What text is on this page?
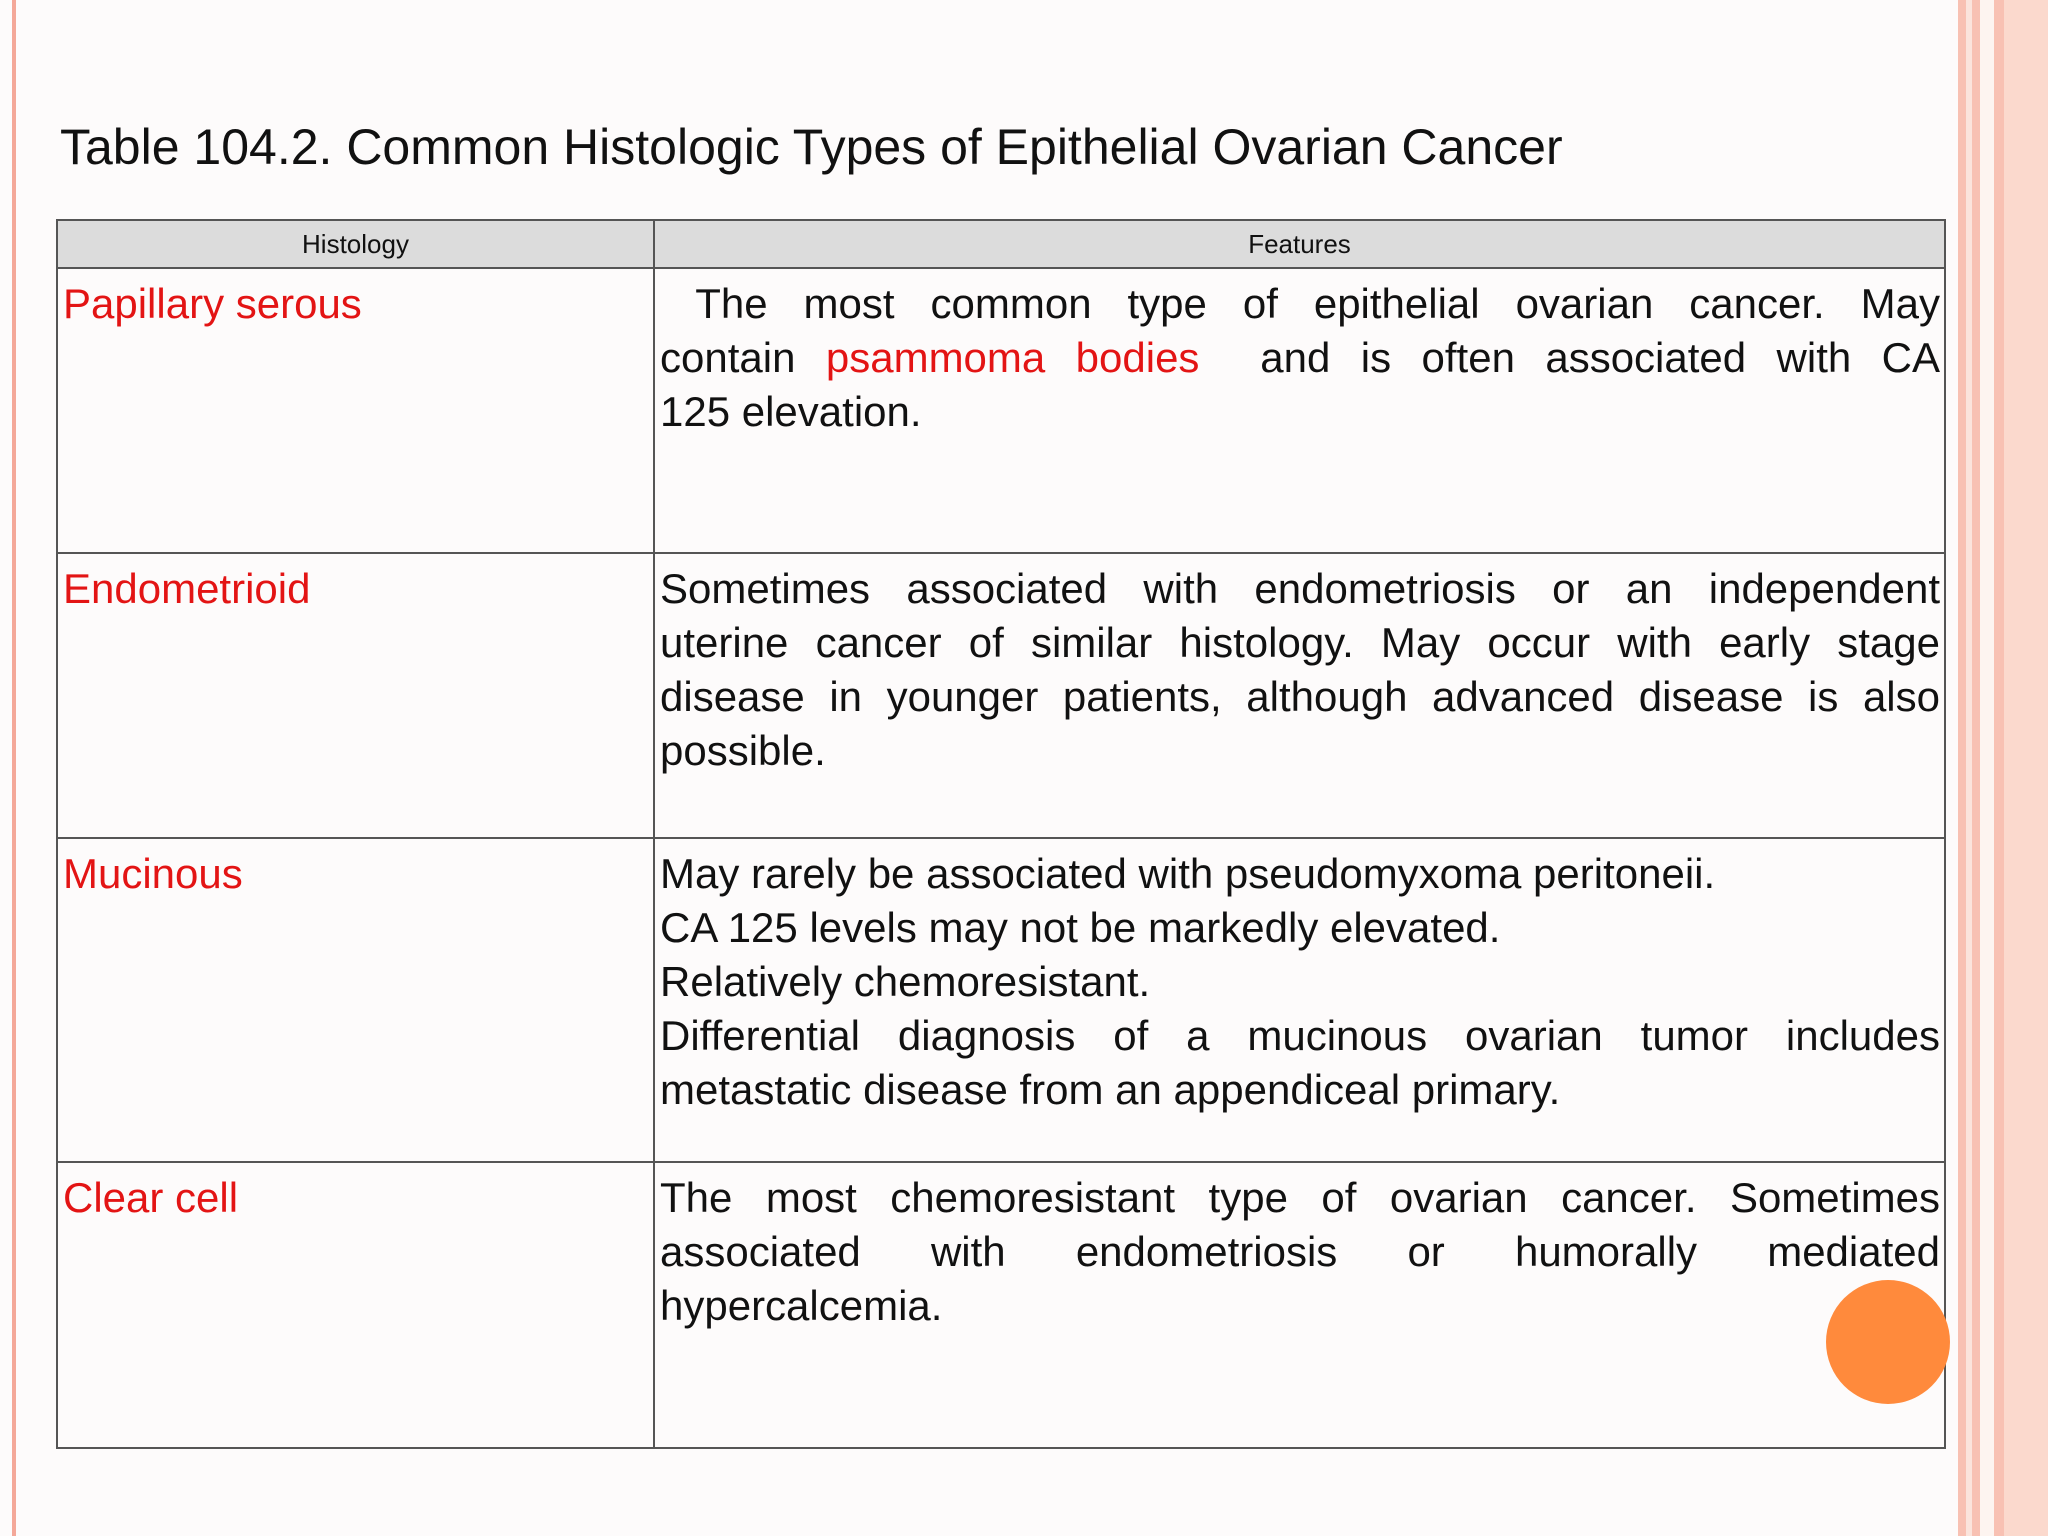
Table 104.2. Common Histologic Types of Epithelial Ovarian Cancer
Histology	Features
Papillary serous	The most common type of epithelial ovarian cancer. May
contain psammoma bodies  and is often associated with CA
125 elevation.

Endometrioid	Sometimes associated with endometriosis or an independent
uterine cancer of similar histology. May occur with early stage
disease in younger patients, although advanced disease is also
possible.

Mucinous	May rarely be associated with pseudomyxoma peritoneii.
CA 125 levels may not be markedly elevated.
Relatively chemoresistant.
Differential diagnosis of a mucinous ovarian tumor includes
metastatic disease from an appendiceal primary.

Clear cell	The most chemoresistant type of ovarian cancer. Sometimes
associated with endometriosis or humorally mediated
hypercalcemia.
